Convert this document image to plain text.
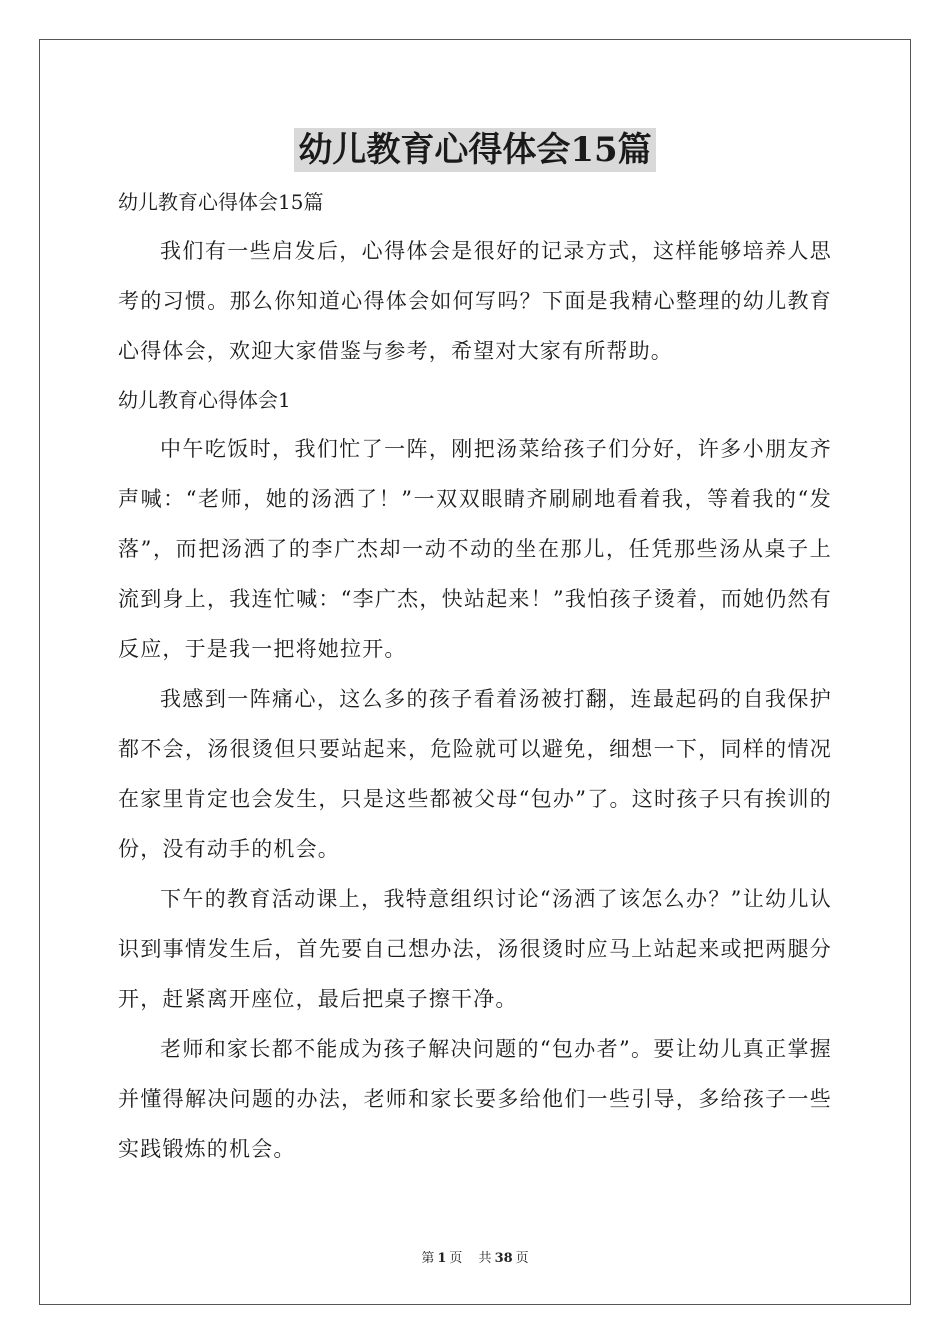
幼儿教育心得体会15篇

幼儿教育心得体会15篇

我们有一些启发后，心得体会是很好的记录方式，这样能够培养人思考的习惯。那么你知道心得体会如何写吗？下面是我精心整理的幼儿教育心得体会，欢迎大家借鉴与参考，希望对大家有所帮助。

幼儿教育心得体会1

中午吃饭时，我们忙了一阵，刚把汤菜给孩子们分好，许多小朋友齐声喊：“老师，她的汤洒了！”一双双眼睛齐刷刷地看着我，等着我的“发落”，而把汤洒了的李广杰却一动不动的坐在那儿，任凭那些汤从桌子上流到身上，我连忙喊：“李广杰，快站起来！”我怕孩子烫着，而她仍然有反应，于是我一把将她拉开。

我感到一阵痛心，这么多的孩子看着汤被打翻，连最起码的自我保护都不会，汤很烫但只要站起来，危险就可以避免，细想一下，同样的情况在家里肯定也会发生，只是这些都被父母“包办”了。这时孩子只有挨训的份，没有动手的机会。

下午的教育活动课上，我特意组织讨论“汤洒了该怎么办？”让幼儿认识到事情发生后，首先要自己想办法，汤很烫时应马上站起来或把两腿分开，赶紧离开座位，最后把桌子擦干净。

老师和家长都不能成为孩子解决问题的“包办者”。要让幼儿真正掌握并懂得解决问题的办法，老师和家长要多给他们一些引导，多给孩子一些实践锻炼的机会。

第 1 页 共 38 页
